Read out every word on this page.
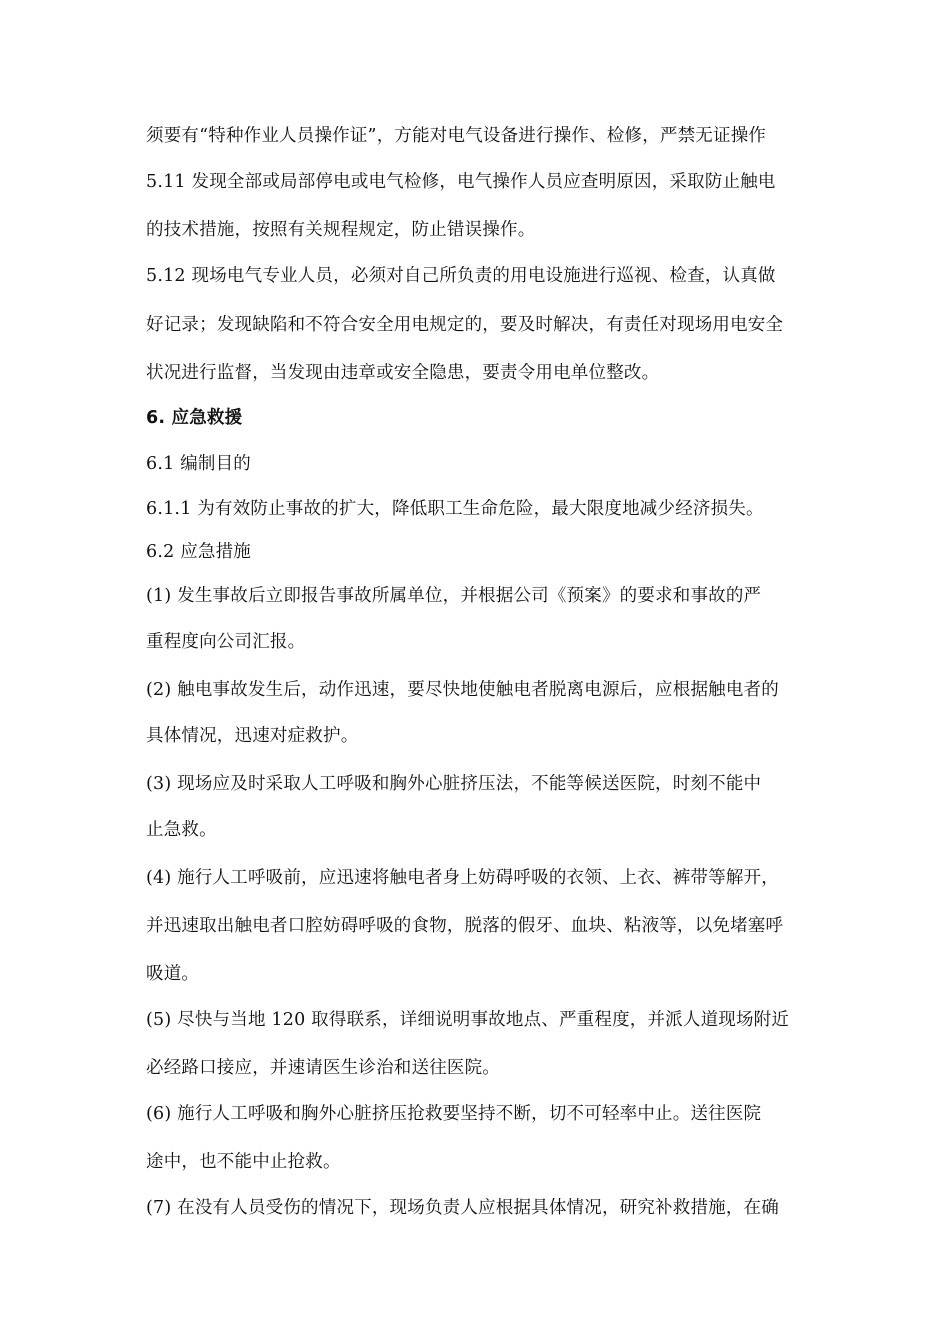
须要有“特种作业人员操作证”，方能对电气设备进行操作、检修，严禁无证操作
5.11 发现全部或局部停电或电气检修，电气操作人员应查明原因，采取防止触电
的技术措施，按照有关规程规定，防止错误操作。
5.12 现场电气专业人员，必须对自己所负责的用电设施进行巡视、检查，认真做
好记录；发现缺陷和不符合安全用电规定的，要及时解决，有责任对现场用电安全
状况进行监督，当发现由违章或安全隐患，要责令用电单位整改。
6. 应急救援
6.1 编制目的
6.1.1 为有效防止事故的扩大，降低职工生命危险，最大限度地减少经济损失。
6.2 应急措施
(1) 发生事故后立即报告事故所属单位，并根据公司《预案》的要求和事故的严
重程度向公司汇报。
(2) 触电事故发生后，动作迅速，要尽快地使触电者脱离电源后，应根据触电者的
具体情况，迅速对症救护。
(3) 现场应及时采取人工呼吸和胸外心脏挤压法，不能等候送医院，时刻不能中
止急救。
(4) 施行人工呼吸前，应迅速将触电者身上妨碍呼吸的衣领、上衣、裤带等解开，
并迅速取出触电者口腔妨碍呼吸的食物，脱落的假牙、血块、粘液等，以免堵塞呼
吸道。
(5) 尽快与当地 120 取得联系，详细说明事故地点、严重程度，并派人道现场附近
必经路口接应，并速请医生诊治和送往医院。
(6) 施行人工呼吸和胸外心脏挤压抢救要坚持不断，切不可轻率中止。送往医院
途中，也不能中止抢救。
(7) 在没有人员受伤的情况下，现场负责人应根据具体情况，研究补救措施，在确
